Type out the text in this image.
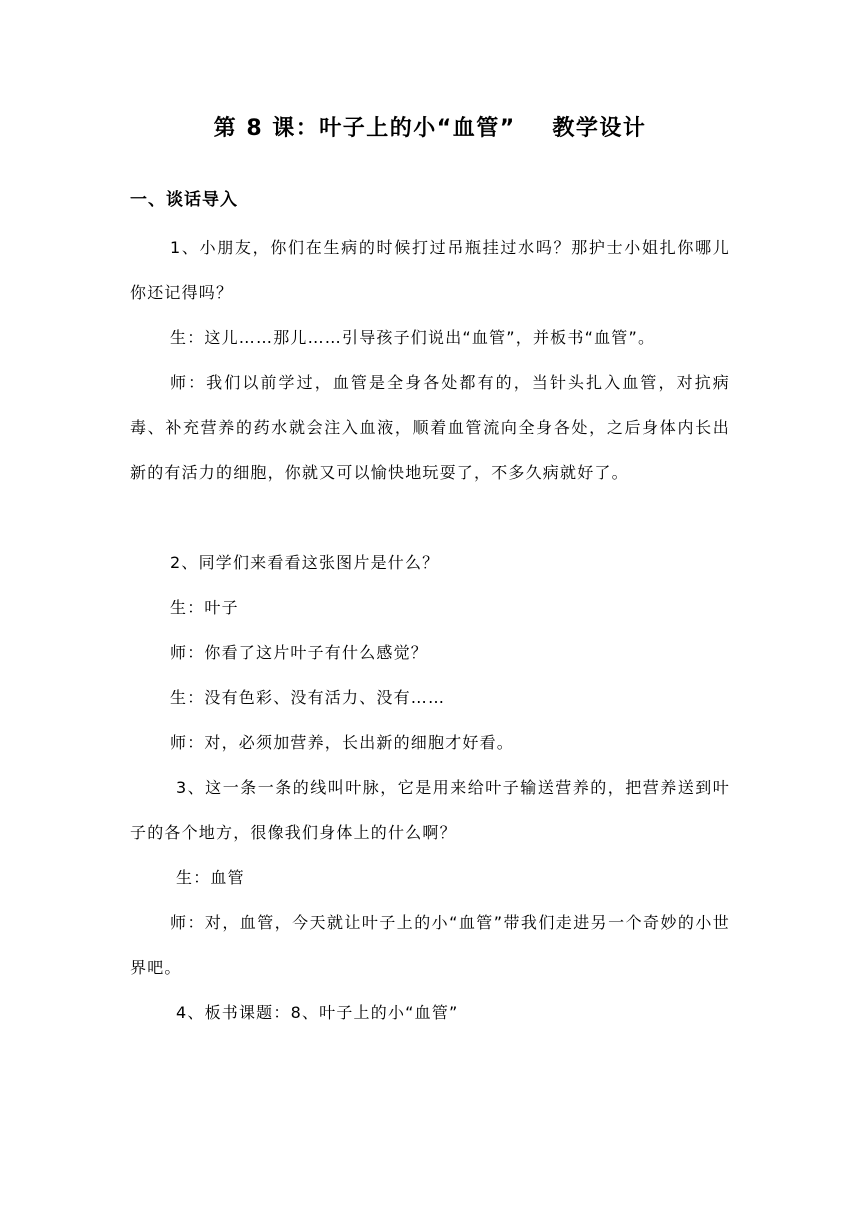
第 8 课：叶子上的小“血管”    教学设计
一、谈话导入
1、小朋友，你们在生病的时候打过吊瓶挂过水吗？那护士小姐扎你哪儿你还记得吗？
生：这儿……那儿……引导孩子们说出“血管”，并板书“血管”。
师：我们以前学过，血管是全身各处都有的，当针头扎入血管，对抗病毒、补充营养的药水就会注入血液，顺着血管流向全身各处，之后身体内长出新的有活力的细胞，你就又可以愉快地玩耍了，不多久病就好了。
2、同学们来看看这张图片是什么？
生：叶子
师：你看了这片叶子有什么感觉？
生：没有色彩、没有活力、没有……
师：对，必须加营养，长出新的细胞才好看。
3、这一条一条的线叫叶脉，它是用来给叶子输送营养的，把营养送到叶子的各个地方，很像我们身体上的什么啊？
生：血管
师：对，血管，今天就让叶子上的小“血管”带我们走进另一个奇妙的小世界吧。
4、板书课题：8、叶子上的小“血管”
